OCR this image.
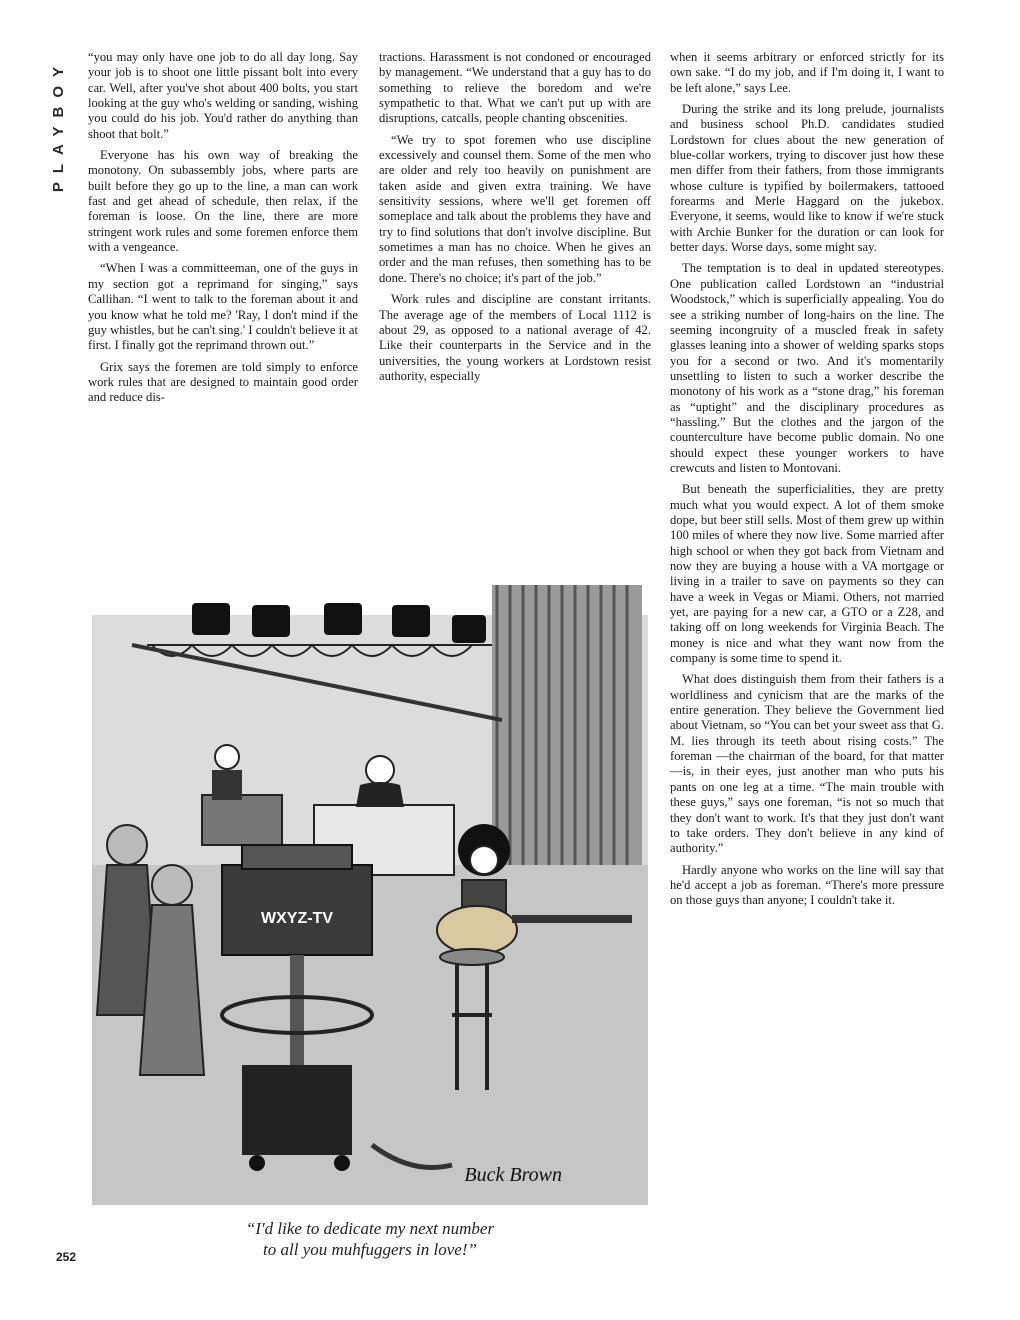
PLAYBOY

“you may only have one job to do all day long. Say your job is to shoot one little pissant bolt into every car. Well, after you've shot about 400 bolts, you start looking at the guy who's welding or sanding, wishing you could do his job. You'd rather do anything than shoot that bolt.”

Everyone has his own way of breaking the monotony. On subassembly jobs, where parts are built before they go up to the line, a man can work fast and get ahead of schedule, then relax, if the foreman is loose. On the line, there are more stringent work rules and some foremen enforce them with a vengeance.

“When I was a committeeman, one of the guys in my section got a reprimand for singing,” says Callihan. “I went to talk to the foreman about it and you know what he told me? 'Ray, I don't mind if the guy whistles, but he can't sing.' I couldn't believe it at first. I finally got the reprimand thrown out.”

Grix says the foremen are told simply to enforce work rules that are designed to maintain good order and reduce dis-

tractions. Harassment is not condoned or encouraged by management. “We understand that a guy has to do something to relieve the boredom and we're sympathetic to that. What we can't put up with are disruptions, catcalls, people chanting obscenities.

“We try to spot foremen who use discipline excessively and counsel them. Some of the men who are older and rely too heavily on punishment are taken aside and given extra training. We have sensitivity sessions, where we'll get foremen off someplace and talk about the problems they have and try to find solutions that don't involve discipline. But sometimes a man has no choice. When he gives an order and the man refuses, then something has to be done. There's no choice; it's part of the job.”

Work rules and discipline are constant irritants. The average age of the members of Local 1112 is about 29, as opposed to a national average of 42. Like their counterparts in the Service and in the universities, the young workers at Lordstown resist authority, especially

when it seems arbitrary or enforced strictly for its own sake. “I do my job, and if I'm doing it, I want to be left alone,” says Lee.

During the strike and its long prelude, journalists and business school Ph.D. candidates studied Lordstown for clues about the new generation of blue-collar workers, trying to discover just how these men differ from their fathers, from those immigrants whose culture is typified by boilermakers, tattooed forearms and Merle Haggard on the jukebox. Everyone, it seems, would like to know if we're stuck with Archie Bunker for the duration or can look for better days. Worse days, some might say.

The temptation is to deal in updated stereotypes. One publication called Lordstown an “industrial Woodstock,” which is superficially appealing. You do see a striking number of long-hairs on the line. The seeming incongruity of a muscled freak in safety glasses leaning into a shower of welding sparks stops you for a second or two. And it's momentarily unsettling to listen to such a worker describe the monotony of his work as a “stone drag,” his foreman as “uptight” and the disciplinary procedures as “hassling.” But the clothes and the jargon of the counterculture have become public domain. No one should expect these younger workers to have crewcuts and listen to Montovani.

But beneath the superficialities, they are pretty much what you would expect. A lot of them smoke dope, but beer still sells. Most of them grew up within 100 miles of where they now live. Some married after high school or when they got back from Vietnam and now they are buying a house with a VA mortgage or living in a trailer to save on payments so they can have a week in Vegas or Miami. Others, not married yet, are paying for a new car, a GTO or a Z28, and taking off on long weekends for Virginia Beach. The money is nice and what they want now from the company is some time to spend it.

What does distinguish them from their fathers is a worldliness and cynicism that are the marks of the entire generation. They believe the Government lied about Vietnam, so “You can bet your sweet ass that G. M. lies through its teeth about rising costs.” The foreman —the chairman of the board, for that matter—is, in their eyes, just another man who puts his pants on one leg at a time. “The main trouble with these guys,” says one foreman, “is not so much that they don't want to work. It's that they just don't want to take orders. They don't believe in any kind of authority.”

Hardly anyone who works on the line will say that he'd accept a job as foreman. “There's more pressure on those guys than anyone; I couldn't take it.

WXYZ-TV
Buck Brown
“I'd like to dedicate my next number
to all you muhfuggers in love!”
252
